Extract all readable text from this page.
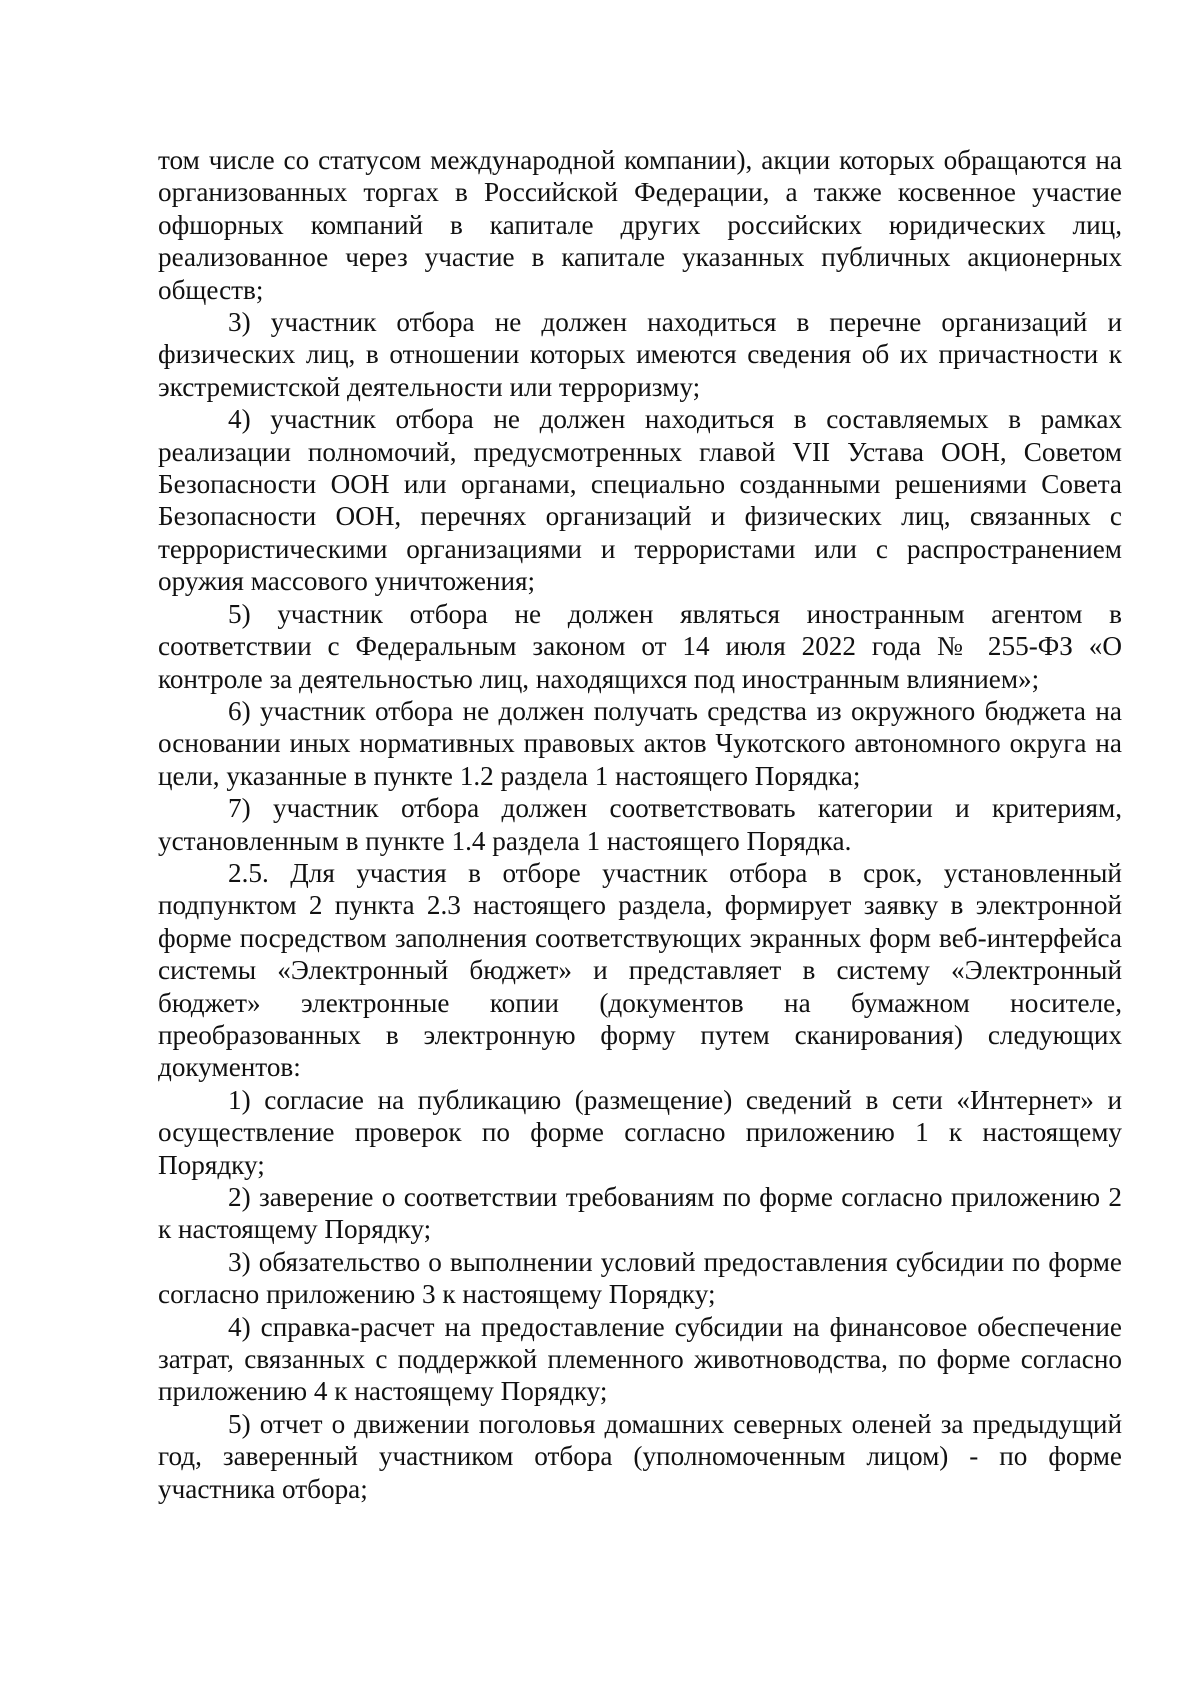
том числе со статусом международной компании), акции которых обращаются на организованных торгах в Российской Федерации, а также косвенное участие офшорных компаний в капитале других российских юридических лиц, реализованное через участие в капитале указанных публичных акционерных обществ;

3) участник отбора не должен находиться в перечне организаций и физических лиц, в отношении которых имеются сведения об их причастности к экстремистской деятельности или терроризму;

4) участник отбора не должен находиться в составляемых в рамках реализации полномочий, предусмотренных главой VII Устава ООН, Советом Безопасности ООН или органами, специально созданными решениями Совета Безопасности ООН, перечнях организаций и физических лиц, связанных с террористическими организациями и террористами или с распространением оружия массового уничтожения;

5) участник отбора не должен являться иностранным агентом в соответствии с Федеральным законом от 14 июля 2022 года № 255-ФЗ «О контроле за деятельностью лиц, находящихся под иностранным влиянием»;

6) участник отбора не должен получать средства из окружного бюджета на основании иных нормативных правовых актов Чукотского автономного округа на цели, указанные в пункте 1.2 раздела 1 настоящего Порядка;

7) участник отбора должен соответствовать категории и критериям, установленным в пункте 1.4 раздела 1 настоящего Порядка.

2.5. Для участия в отборе участник отбора в срок, установленный подпунктом 2 пункта 2.3 настоящего раздела, формирует заявку в электронной форме посредством заполнения соответствующих экранных форм веб-интерфейса системы «Электронный бюджет» и представляет в систему «Электронный бюджет» электронные копии (документов на бумажном носителе, преобразованных в электронную форму путем сканирования) следующих документов:

1) согласие на публикацию (размещение) сведений в сети «Интернет» и осуществление проверок по форме согласно приложению 1 к настоящему Порядку;

2) заверение о соответствии требованиям по форме согласно приложению 2 к настоящему Порядку;

3) обязательство о выполнении условий предоставления субсидии по форме согласно приложению 3 к настоящему Порядку;

4) справка-расчет на предоставление субсидии на финансовое обеспечение затрат, связанных с поддержкой племенного животноводства, по форме согласно приложению 4 к настоящему Порядку;

5) отчет о движении поголовья домашних северных оленей за предыдущий год, заверенный участником отбора (уполномоченным лицом) - по форме участника отбора;
